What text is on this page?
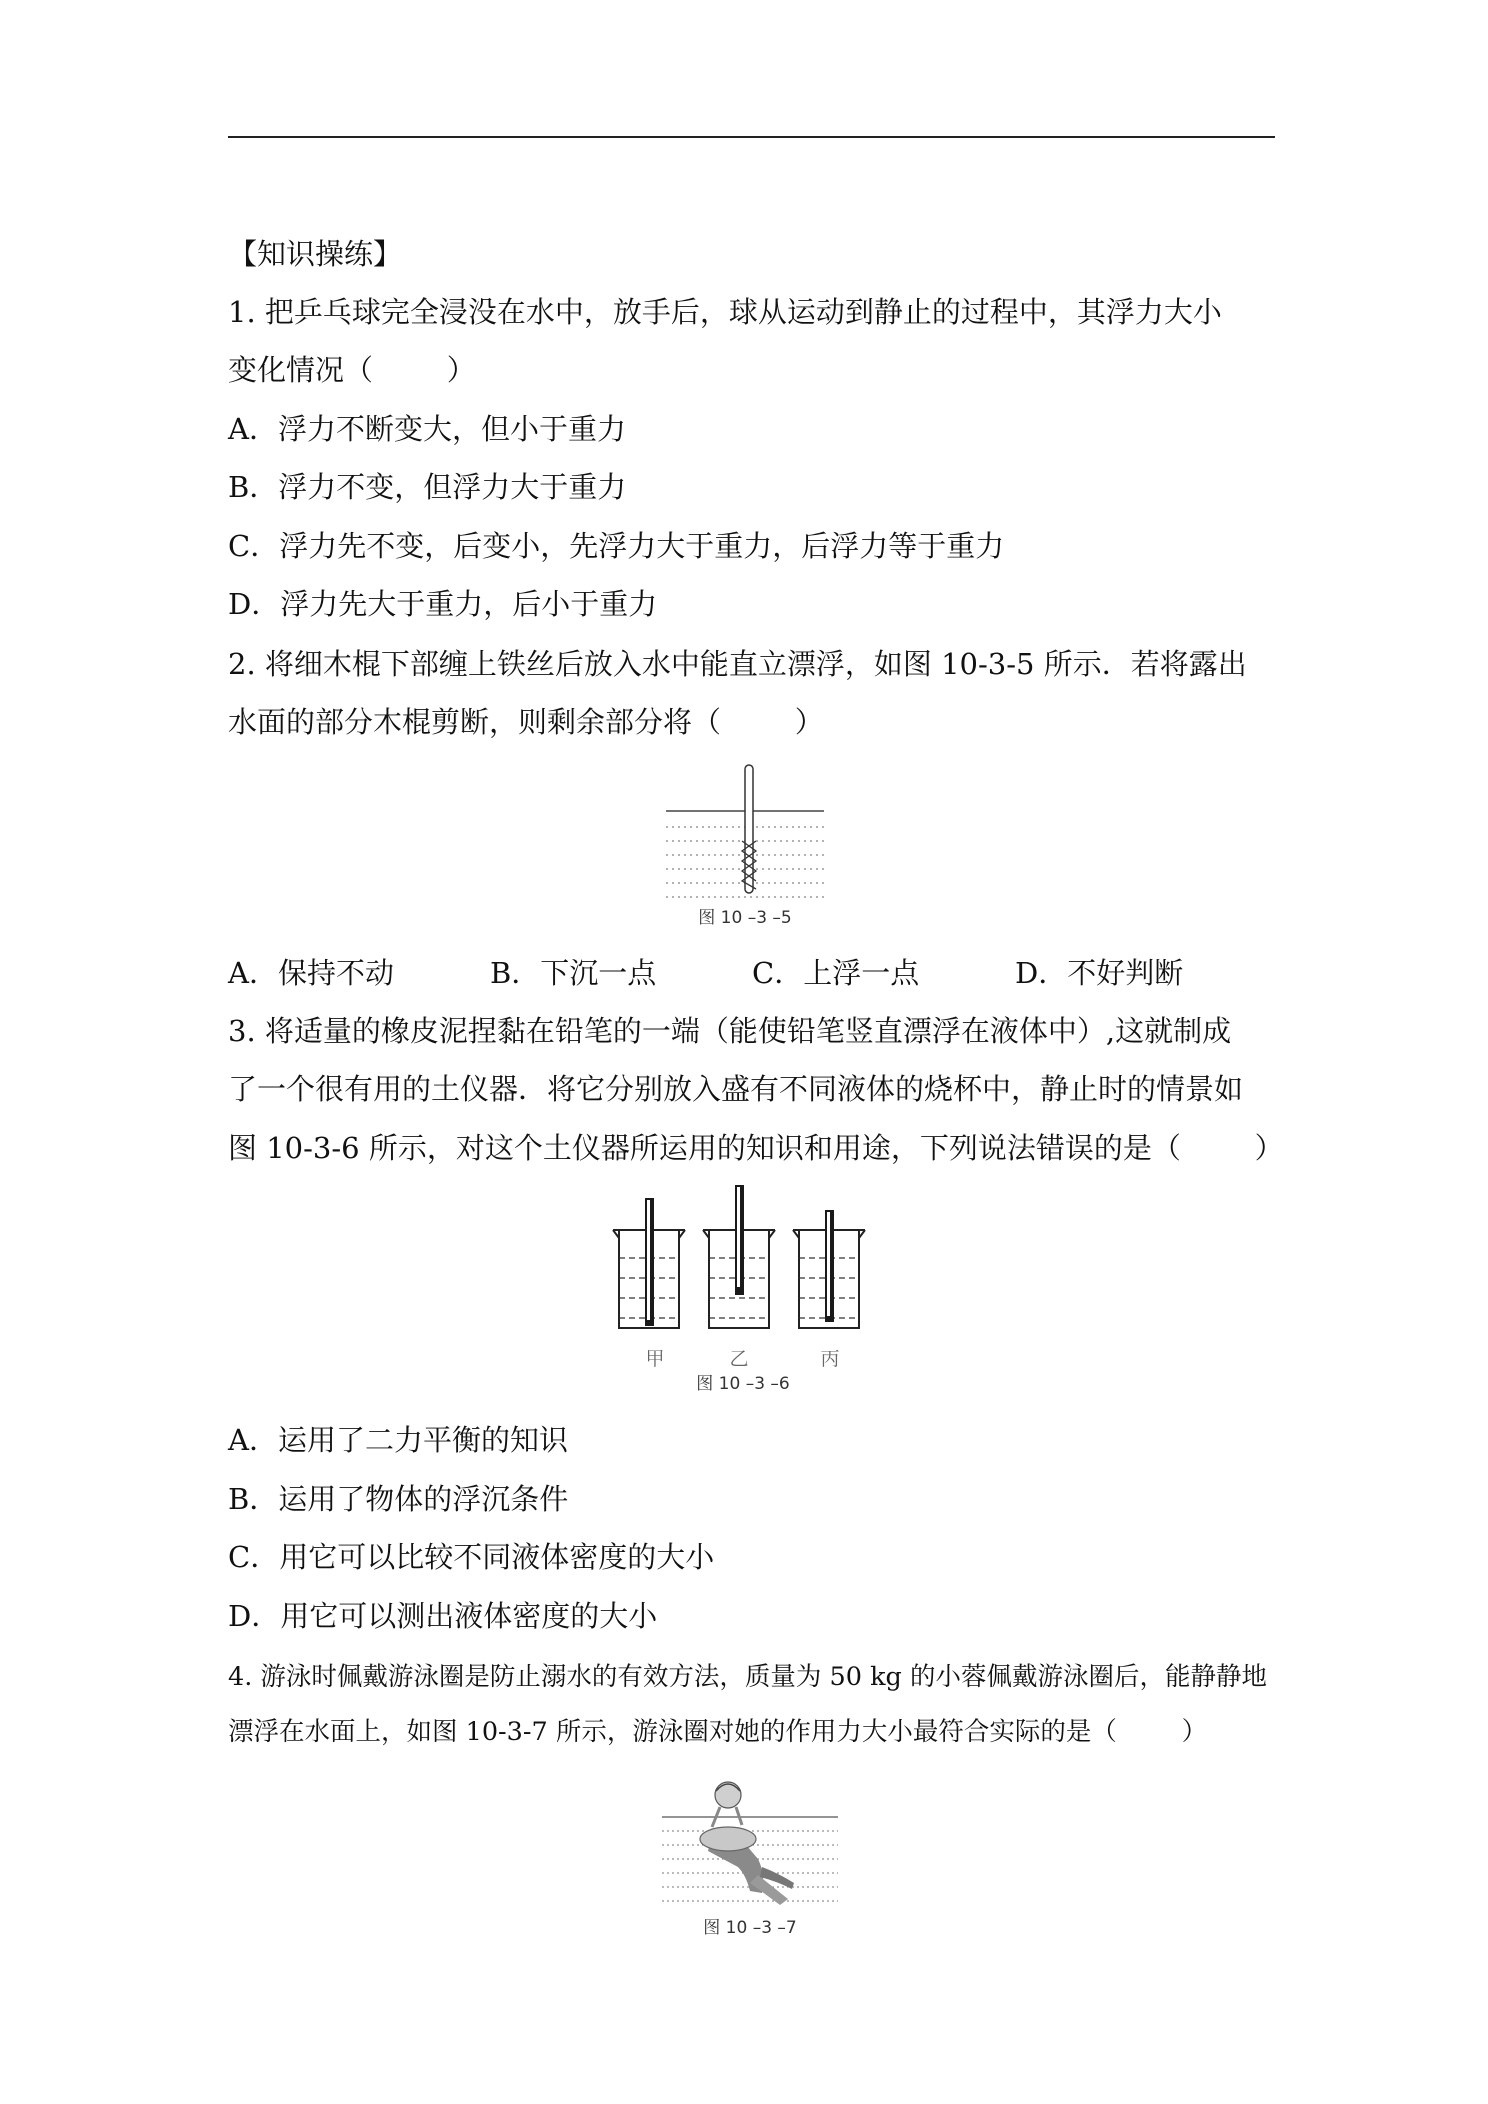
【知识操练】
1. 把乒乓球完全浸没在水中，放手后，球从运动到静止的过程中，其浮力大小
变化情况（        ）
A．浮力不断变大，但小于重力
B．浮力不变，但浮力大于重力
C．浮力先不变，后变小，先浮力大于重力，后浮力等于重力
D．浮力先大于重力，后小于重力
2. 将细木棍下部缠上铁丝后放入水中能直立漂浮，如图 10-3-5 所示．若将露出
水面的部分木棍剪断，则剩余部分将（        ）
图 10 –3 –5
A．保持不动	B．下沉一点	C．上浮一点	D．不好判断
3. 将适量的橡皮泥捏黏在铅笔的一端（能使铅笔竖直漂浮在液体中）,这就制成
了一个很有用的土仪器．将它分别放入盛有不同液体的烧杯中，静止时的情景如
图 10-3-6 所示，对这个土仪器所运用的知识和用途，下列说法错误的是（        ）
甲	乙	丙
图 10 –3 –6
A．运用了二力平衡的知识
B．运用了物体的浮沉条件
C．用它可以比较不同液体密度的大小
D．用它可以测出液体密度的大小
4. 游泳时佩戴游泳圈是防止溺水的有效方法，质量为 50 kg 的小蓉佩戴游泳圈后，能静静地
漂浮在水面上，如图 10-3-7 所示，游泳圈对她的作用力大小最符合实际的是（        ）
图 10 –3 –7
